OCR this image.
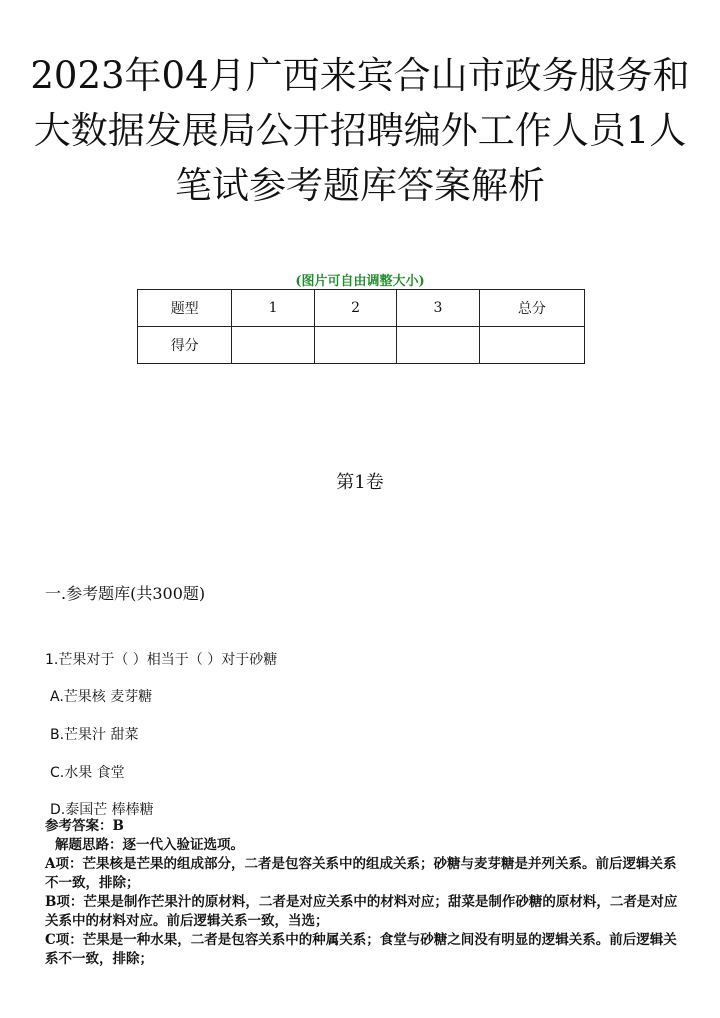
2023年04月广西来宾合山市政务服务和大数据发展局公开招聘编外工作人员1人笔试参考题库答案解析
(图片可自由调整大小)
题型	1	2	3	总分
得分				
第1卷
一.参考题库(共300题)
1.芒果对于（ ）相当于（ ）对于砂糖
A.芒果核 麦芽糖
B.芒果汁 甜菜
C.水果 食堂
D.泰国芒 棒棒糖

参考答案：B

解题思路：逐一代入验证选项。

A项：芒果核是芒果的组成部分，二者是包容关系中的组成关系；砂糖与麦芽糖是并列关系。前后逻辑关系不一致，排除；

B项：芒果是制作芒果汁的原材料，二者是对应关系中的材料对应；甜菜是制作砂糖的原材料，二者是对应关系中的材料对应。前后逻辑关系一致，当选；

C项：芒果是一种水果，二者是包容关系中的种属关系；食堂与砂糖之间没有明显的逻辑关系。前后逻辑关系不一致，排除；
